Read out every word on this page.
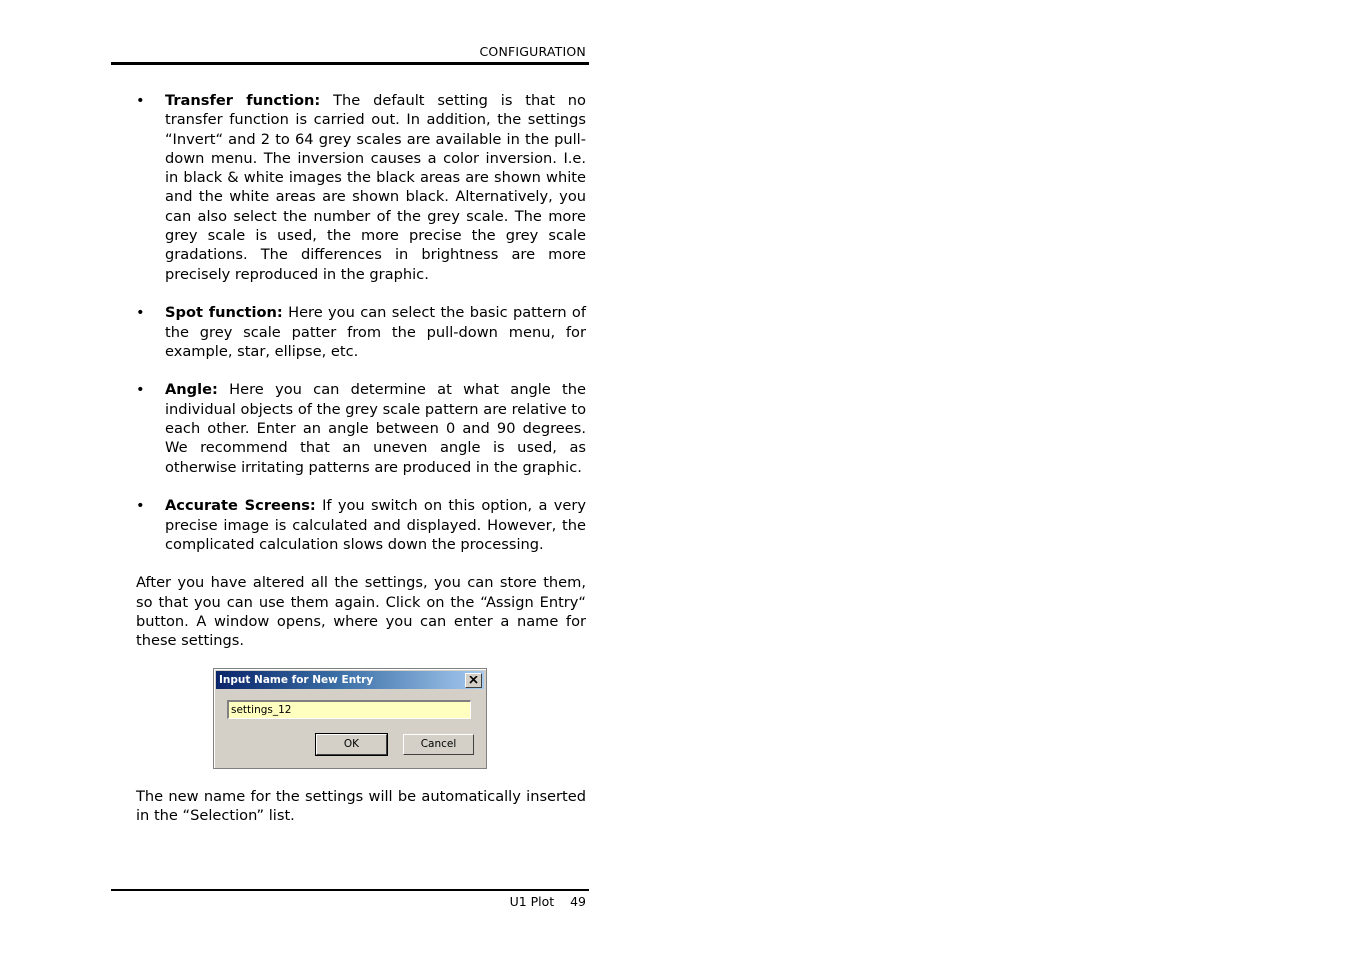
CONFIGURATION
• Transfer function: The default setting is that no transfer function is carried out. In addition, the settings “Invert“ and 2 to 64 grey scales are available in the pull-down menu. The inversion causes a color inversion. I.e. in black & white images the black areas are shown white and the white areas are shown black. Alternatively, you can also select the number of the grey scale. The more grey scale is used, the more precise the grey scale gradations. The differences in brightness are more precisely reproduced in the graphic.
• Spot function: Here you can select the basic pattern of the grey scale patter from the pull-down menu, for example, star, ellipse, etc.
• Angle: Here you can determine at what angle the individual objects of the grey scale pattern are relative to each other. Enter an angle between 0 and 90 degrees. We recommend that an uneven angle is used, as otherwise irritating patterns are produced in the graphic.
• Accurate Screens: If you switch on this option, a very precise image is calculated and displayed. However, the complicated calculation slows down the processing.

After you have altered all the settings, you can store them, so that you can use them again. Click on the “Assign Entry“ button. A window opens, where you can enter a name for these settings.

Input Name for New Entry
settings_12
OK	Cancel

The new name for the settings will be automatically inserted in the “Selection” list.

U1 Plot    49
